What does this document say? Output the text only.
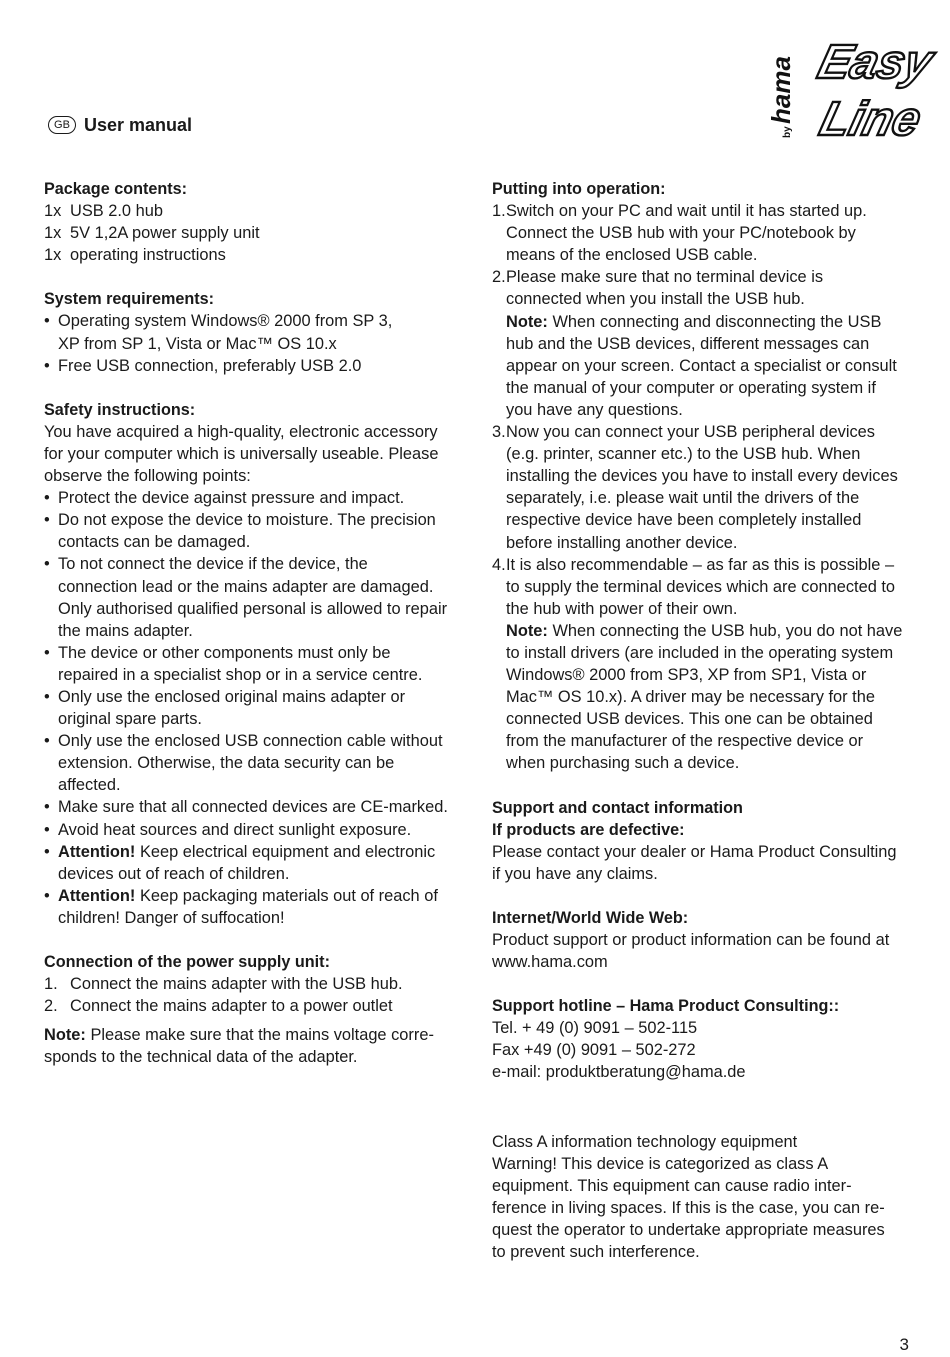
GB User manual	by
hama Easy
Line
Package contents:
1x USB 2.0 hub
1x 5V 1,2A power supply unit
1x operating instructions
System requirements:
• Operating system Windows® 2000 from SP 3,
XP from SP 1, Vista or Mac™ OS 10.x
• Free USB connection, preferably USB 2.0
Safety instructions:
You have acquired a high-quality, electronic accessory
for your computer which is universally useable. Please
observe the following points:
• Protect the device against pressure and impact.
• Do not expose the device to moisture. The precision
contacts can be damaged.
• To not connect the device if the device, the
connection lead or the mains adapter are damaged.
Only authorised qualified personal is allowed to repair
the mains adapter.
• The device or other components must only be
repaired in a specialist shop or in a service centre.
• Only use the enclosed original mains adapter or
original spare parts.
• Only use the enclosed USB connection cable without
extension. Otherwise, the data security can be
affected.
• Make sure that all connected devices are CE-marked.
• Avoid heat sources and direct sunlight exposure.
• Attention! Keep electrical equipment and electronic
devices out of reach of children.
• Attention! Keep packaging materials out of reach of
children! Danger of suffocation!
Connection of the power supply unit:
1. Connect the mains adapter with the USB hub.
2. Connect the mains adapter to a power outlet
Note: Please make sure that the mains voltage corre-
sponds to the technical data of the adapter.
Putting into operation:
1. Switch on your PC and wait until it has started up.
Connect the USB hub with your PC/notebook by
means of the enclosed USB cable.
2. Please make sure that no terminal device is
connected when you install the USB hub.
Note: When connecting and disconnecting the USB
hub and the USB devices, different messages can
appear on your screen. Contact a specialist or consult
the manual of your computer or operating system if
you have any questions.
3. Now you can connect your USB peripheral devices
(e.g. printer, scanner etc.) to the USB hub. When
installing the devices you have to install every devices
separately, i.e. please wait until the drivers of the
respective device have been completely installed
before installing another device.
4. It is also recommendable – as far as this is possible –
to supply the terminal devices which are connected to
the hub with power of their own.
Note: When connecting the USB hub, you do not have
to install drivers (are included in the operating system
Windows® 2000 from SP3, XP from SP1, Vista or
Mac™ OS 10.x). A driver may be necessary for the
connected USB devices. This one can be obtained
from the manufacturer of the respective device or
when purchasing such a device.
Support and contact information
If products are defective:
Please contact your dealer or Hama Product Consulting
if you have any claims.
Internet/World Wide Web:
Product support or product information can be found at
www.hama.com
Support hotline – Hama Product Consulting::
Tel. + 49 (0) 9091 – 502-115
Fax +49 (0) 9091 – 502-272
e-mail: produktberatung@hama.de
Class A information technology equipment
Warning! This device is categorized as class A
equipment. This equipment can cause radio inter-
ference in living spaces. If this is the case, you can re-
quest the operator to undertake appropriate measures
to prevent such interference.
3
